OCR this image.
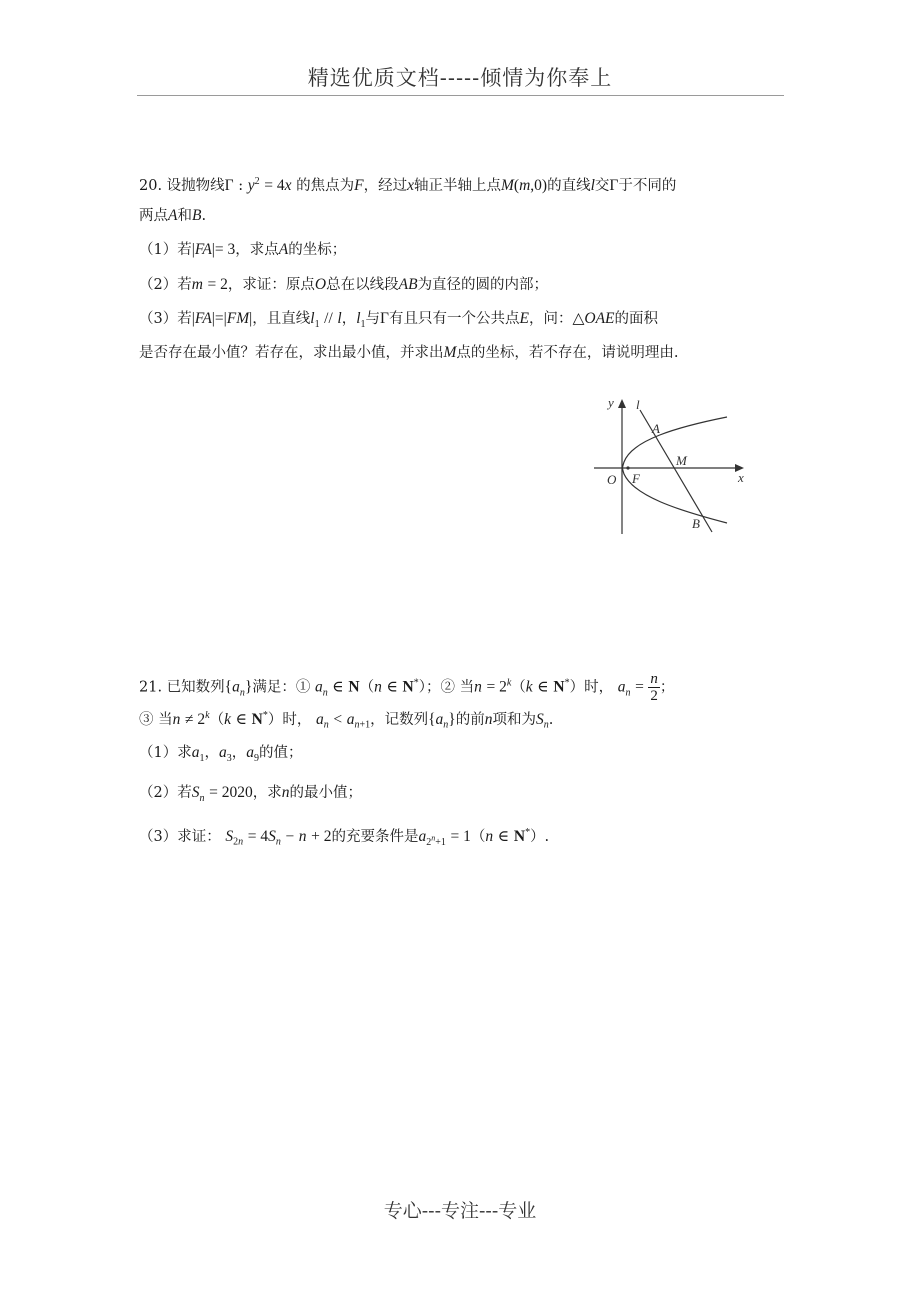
精选优质文档-----倾情为你奉上
20. 设抛物线Γ : $y^2 = 4x$ 的焦点为F，经过x轴正半轴上点M(m,0)的直线l交Γ于不同的
两点A和B.
（1）若|FA|= 3，求点A的坐标；
（2）若m = 2，求证：原点O总在以线段AB为直径的圆的内部；
（3）若|FA|=|FM|，且直线$l_1$ // l，$l_1$与Γ有且只有一个公共点E，问：△OAE的面积
是否存在最小值？若存在，求出最小值，并求出M点的坐标，若不存在，请说明理由.
y l
A
M
x
O F
B
21. 已知数列$\{a_n\}$满足：① $a_n$ ∈ N（n ∈ N*）；② 当$n = 2^k(k$ ∈ N*）时， $a_n = \frac{n}{2}$ ；
③ 当$n \ne 2^k(k$ ∈ N*）时， $a_n < a_{n+1}$，记数列$\{a_n\}$的前n项和为$S_n$.
（1）求$a_1$，$a_3$，$a_9$的值；
（2）若$S_n = 2020$，求n的最小值；
（3）求证： $S_{2n} = 4S_n - n + 2$的充要条件是$a_{2^n+1} = 1(n$ ∈ N*）.
专心---专注---专业
